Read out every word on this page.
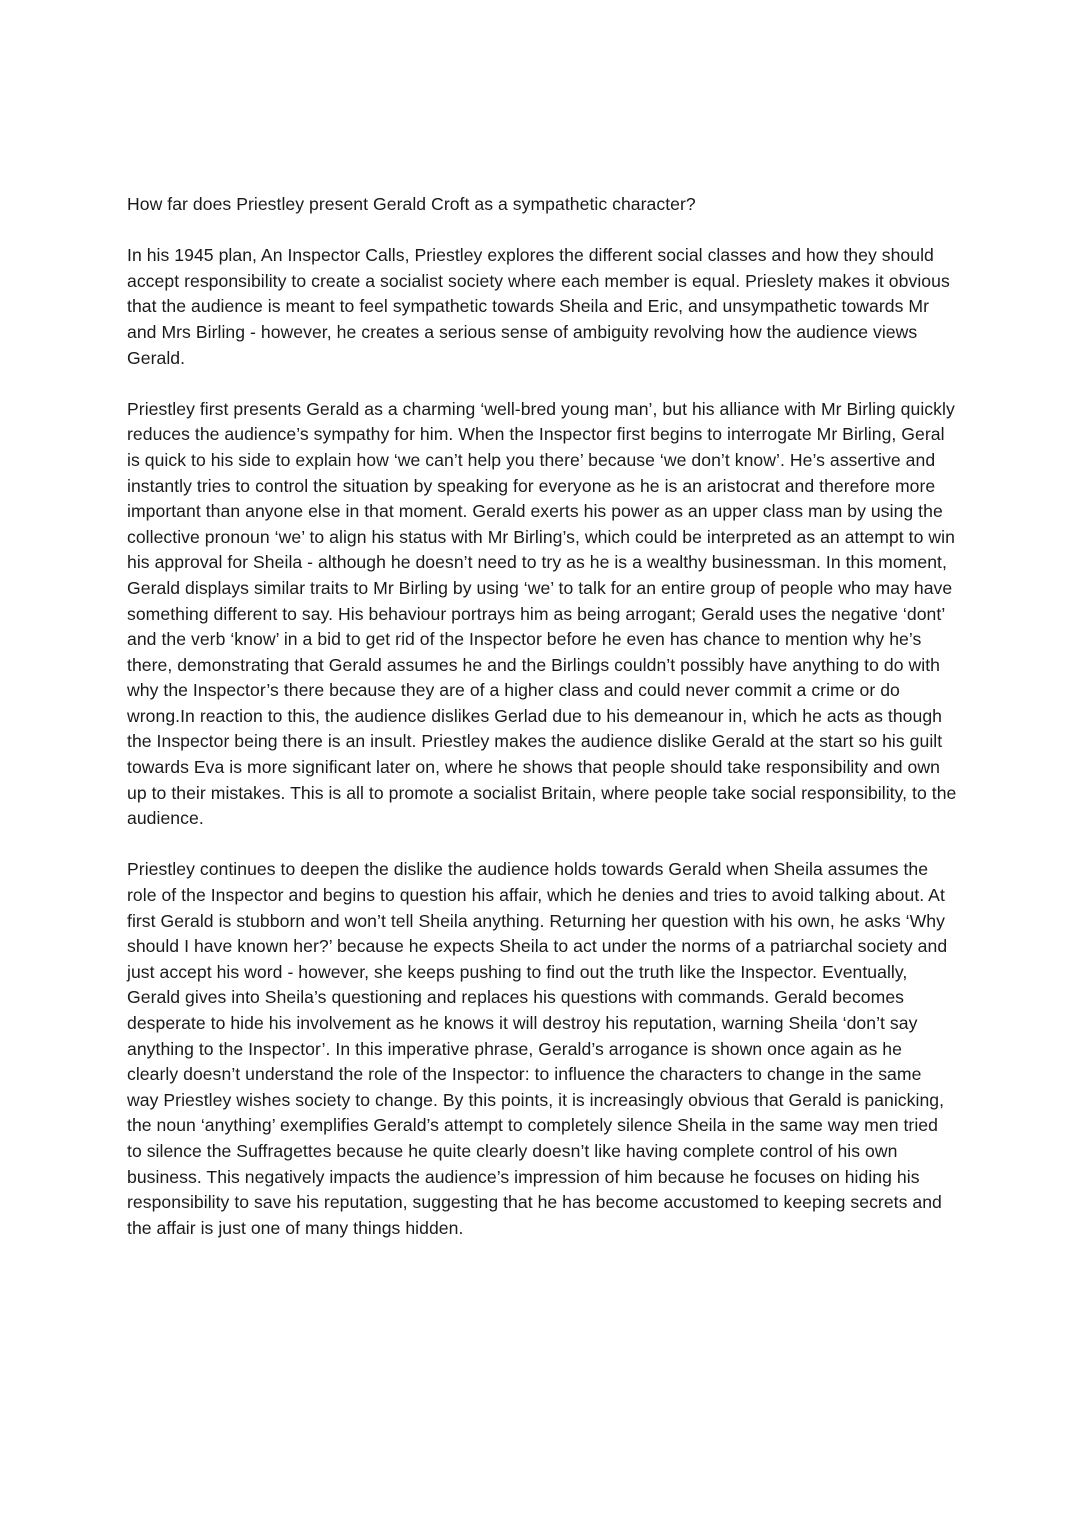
How far does Priestley present Gerald Croft as a sympathetic character?

In his 1945 plan, An Inspector Calls, Priestley explores the different social classes and how they should accept responsibility to create a socialist society where each member is equal. Prieslety makes it obvious that the audience is meant to feel sympathetic towards Sheila and Eric, and unsympathetic towards Mr and Mrs Birling - however, he creates a serious sense of ambiguity revolving how the audience views Gerald.

Priestley first presents Gerald as a charming ‘well-bred young man’, but his alliance with Mr Birling quickly reduces the audience’s sympathy for him. When the Inspector first begins to interrogate Mr Birling, Geral is quick to his side to explain how ‘we can’t help you there’ because ‘we don’t know’. He’s assertive and instantly tries to control the situation by speaking for everyone as he is an aristocrat and therefore more important than anyone else in that moment. Gerald exerts his power as an upper class man by using the collective pronoun ‘we’ to align his status with Mr Birling’s, which could be interpreted as an attempt to win his approval for Sheila - although he doesn’t need to try as he is a wealthy businessman. In this moment, Gerald displays similar traits to Mr Birling by using ‘we’ to talk for an entire group of people who may have something different to say. His behaviour portrays him as being arrogant; Gerald uses the negative ‘dont’ and the verb ‘know’ in a bid to get rid of the Inspector before he even has chance to mention why he’s there, demonstrating that Gerald assumes he and the Birlings couldn’t possibly have anything to do with why the Inspector’s there because they are of a higher class and could never commit a crime or do wrong.In reaction to this, the audience dislikes Gerlad due to his demeanour in, which he acts as though the Inspector being there is an insult. Priestley makes the audience dislike Gerald at the start so his guilt towards Eva is more significant later on, where he shows that people should take responsibility and own up to their mistakes. This is all to promote a socialist Britain, where people take social responsibility, to the audience.

Priestley continues to deepen the dislike the audience holds towards Gerald when Sheila assumes the role of the Inspector and begins to question his affair, which he denies and tries to avoid talking about. At first Gerald is stubborn and won’t tell Sheila anything. Returning her question with his own, he asks ‘Why should I have known her?’ because he expects Sheila to act under the norms of a patriarchal society and just accept his word - however, she keeps pushing to find out the truth like the Inspector. Eventually, Gerald gives into Sheila’s questioning and replaces his questions with commands. Gerald becomes desperate to hide his involvement as he knows it will destroy his reputation, warning Sheila ‘don’t say anything to the Inspector’. In this imperative phrase, Gerald’s arrogance is shown once again as he clearly doesn’t understand the role of the Inspector: to influence the characters to change in the same way Priestley wishes society to change. By this points, it is increasingly obvious that Gerald is panicking, the noun ‘anything’ exemplifies Gerald’s attempt to completely silence Sheila in the same way men tried to silence the Suffragettes because he quite clearly doesn’t like having complete control of his own business. This negatively impacts the audience’s impression of him because he focuses on hiding his responsibility to save his reputation, suggesting that he has become accustomed to keeping secrets and the affair is just one of many things hidden.
